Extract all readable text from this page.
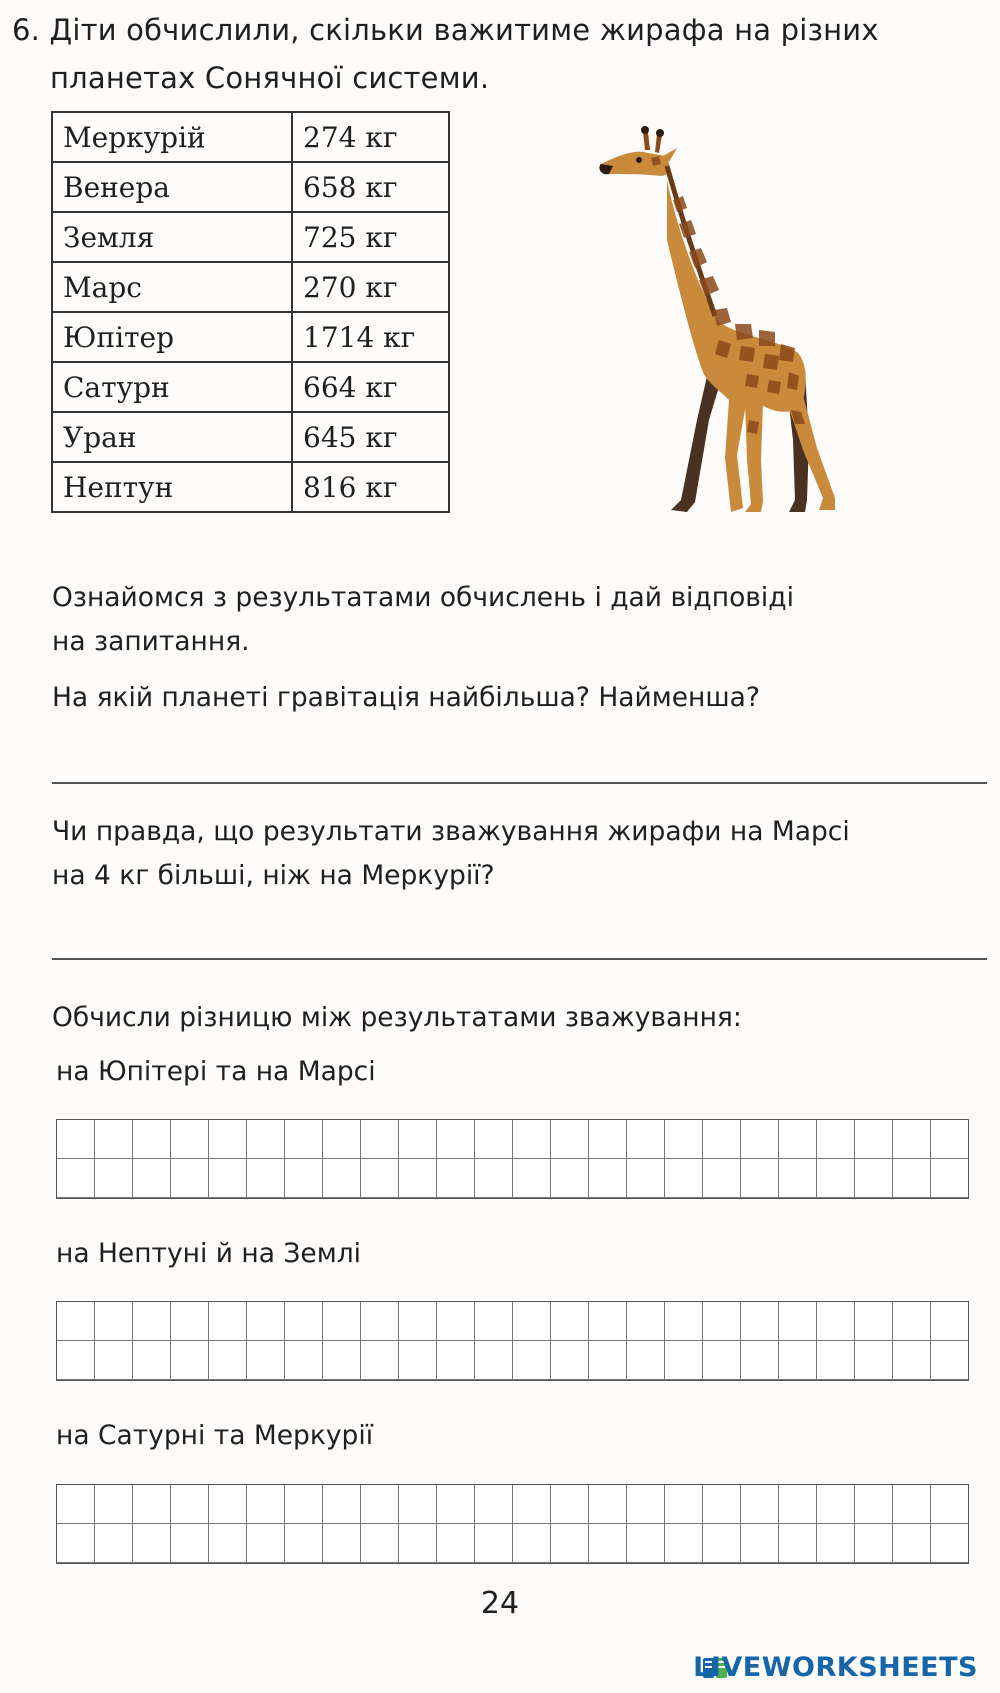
6. Діти обчислили, скільки важитиме жирафа на різних
планетах Сонячної системи.
Меркурій	274 кг
Венера	658 кг
Земля	725 кг
Марс	270 кг
Юпітер	1714 кг
Сатурн	664 кг
Уран	645 кг
Нептун	816 кг
Ознайомся з результатами обчислень і дай відповіді
на запитання.
На якій планеті гравітація найбільша? Найменша?
Чи правда, що результати зважування жирафи на Марсі
на 4 кг більші, ніж на Меркурії?
Обчисли різницю між результатами зважування:
на Юпітері та на Марсі
на Нептуні й на Землі
на Сатурні та Меркурії
24
LIVEWORKSHEETS
